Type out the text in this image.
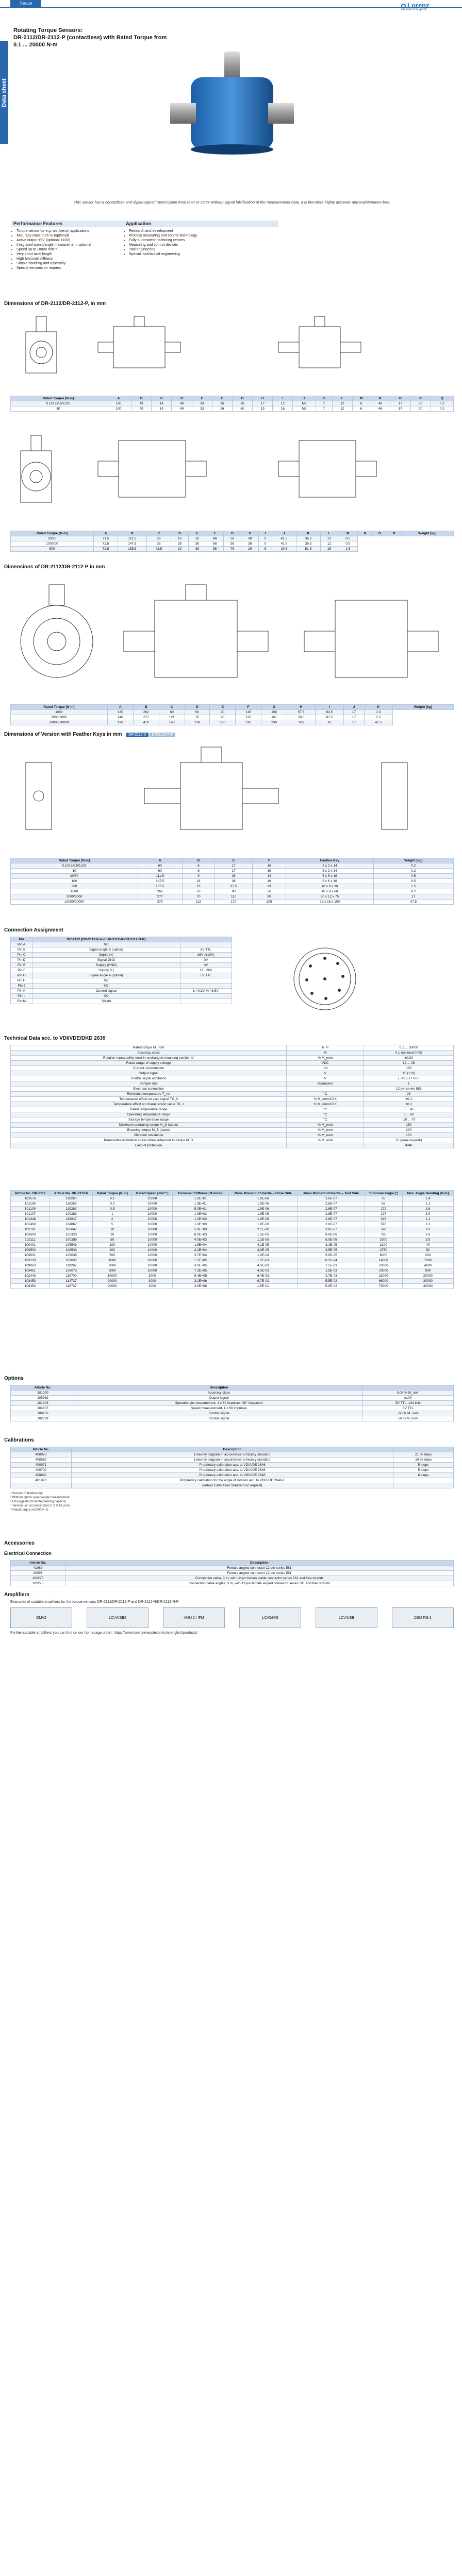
Torque	Lorenz
messtechnik gmbh
Data sheet
Rotating Torque Sensors:
DR-2112/DR-2112-P (contactless) with Rated Torque from
0.1 ... 20000 N·m
This sensor has a contactless and digital signal transmission from rotor to stator without signal falsification of the measurement data. It is therefore highly accurate and maintenance-free.
Performance Features
• Torque sensor for e.g. test bench applications
• Accuracy class 0.05 % (optional)
• Active output ±5V (optional ±10V)
• Integrated speed/angle measurement, optional
• Speed up to 10000 min⁻¹
• Very short axial length
• High torsional stiffness
• Simple handling and assembly
• Special versions on request
Application
• Research and development
• Process measuring and control technology
• Fully automated machining centres
• Measuring and control devices
• Tool engineering
• Special mechanical engineering
Dimensions of DR-2112/DR-2112-P, in mm
Rated Torque [N·m]	A	B	C	D	E	F	G	H	I	J	K	L	M	N	O	P	Q
0.1/0.2/0.5/1/2/5	100	49	14	49	33	26	60	17	12	M3	7	12	6	48	17	30	0.2
10	100	49	14	49	33	26	60	19	16	M3	7	12	6	48	17	30	0.2
Rated Torque [N·m]	A	B	C	D	E	F	G	H	I	J	K	L	M	N	O	P	Weight [kg]
20/50	71.5	111.5	30	16	16	48	58	38	0	41.5	36.5	12	0.5				
100/200	71.5	147.5	38	26	36	68	58	38	0	41.5	36.5	12	0.5				
500	72.5	155.5	43.5	32	38	56	76	29	6	29.5	51.5	15	1.5				
Dimensions of DR-2112/DR-2112-P in mm
Rated Torque [N·m]	A	B	C	D	E	F	G	H	I	J	K	Weight [kg]
1000	130	262	60	50	90	116	156	57.5	64.5	17	1.3	
2000/3000	140	277	121	70	95	136	161	58.5	87.5	17	5.5	
10000/20000	190	470	140	118	120	210	230	105	95	17	47.5	
Dimensions of Version with Feather Keys in mm DR-2112-K DR-2112-P-K
Rated Torque [N·m]	A	D	E	F	Feather Key	Weight [kg]
0.1/0.2/0.5/1/2/5	60	6	17	16	2 x 2 x 14	0.2
10	60	6	17	16	3 x 3 x 14	0.2
20/50	111.5	9	26	14	5 x 5 x 18	0.5
100	147.5	18	36	19	6 x 6 x 16	0.5
500	155.5	23	37.5	29	10 x 8 x 36	1.5
1000	262	50	90	56	10 x 8 x 60	8.2
2000/3000	277	70	110	90	20 x 12 x 75	17
10000/20000	370	118	170	105	28 x 16 x 100	47.5
Connection Assignment
Pin	DR-2112 (DR-2112-P and DR-2112-R-DR-2112-R-P)	
Pin A	NC	
Pin B	Signal angle B (option)	5V TTL
Pin C	Signal (+)	±5V (±10V)
Pin D	Signal GND	0V
Pin E	Supply (GND)	0V
Pin F	Supply (+)	12...28V
Pin G	Signal angle A (option)	5V TTL
Pin H	NC	
Pin J	NC	
Pin K	Control signal	L <0.3V, H >3.5V
Pin L	NC	
Pin M	Shield	
Technical Data acc. to VDI/VDE/DKD 2639
Rated torque M_nom	N·m	0.1 ... 20000
Accuracy class	%	0.1 (optional 0.05)
Relative repeatability error in unchanged mounting position b'	% M_nom	±0.02
Rated range of supply voltage	VDC	12 ... 28
Current consumption	mA	<80
Output signal	V	±5 (±10)
Control signal excitation	V	L <0.3, H >3.5
Sample rate	kSample/s	1
Electrical connection		12-pin series 581
Reference temperature T_ref	°C	23
Temperature effect on zero signal TK_0	% M_nom/10 K	±0.1
Temperature effect on characteristic value TK_c	% M_nom/10 K	±0.1
Rated temperature range	°C	5 ... 45
Operating temperature range	°C	0 ... 60
Storage temperature range	°C	-10 ... 70
Maximum operating torque M_G (static)	% M_nom	150
Breaking torque M_B (static)	% M_nom	200
Vibration resistance	% M_nom	100
Permissible oscillation stress when subjected to torque M_R	% M_nom	70 (peak-to-peak)
Load of protection		IP40
Article No. DR-2112	Article No. DR-2112-P	Rated Torque [N·m]	Rated Speed [min⁻¹]	Torsional Stiffness [N·m/rad]	Mass Moment of Inertia – Drive Side	Mass Moment of Inertia – Test Side	Torsional Angle [°]	Max. Angle Bending [N·m]
102576	110260	0.1	10000	1.0E+01	1.9E-06	2.6E-07	26	1.4
101106	110266	0.2	10000	1.9E+01	1.9E-06	2.6E-07	58	1.2
101109	110263	0.5	10000	5.0E+01	1.9E-06	2.6E-07	172	1.6
101107	109283	1	10000	1.0E+02	1.9E-06	2.6E-07	227	3.9
101048	110047	2	10000	1.0E+02	1.9E-06	2.6E-07	345	1.1
101460	104867	5	10000	1.0E+03	1.9E-06	2.6E-07	585	1.2
102701	106047	10	10000	5.0E+03	2.1E-06	3.0E-07	598	2.6
102600	105320	20	10000	8.0E+03	1.3E-05	9.0E-06	785	2.6
102111	100289	50	10000	4.0E+03	1.2E-05	9.0E-06	2000	3.5
100401	105543	100	10000	1.5E+04	4.1E-05	3.1E-05	2200	40
100500	108543	200	10000	2.2E+04	3.9E-05	3.5E-05	2750	52
103001	109035	500	10000	3.7E+04	1.0E-04	5.0E-05	6000	200
103733	109037	1000	10000	1.5E+05	1.2E-03	8.2E-04	14000	7000
109063	110262	2000	10000	3.0E+05	4.0E-03	1.5E-03	23000	4800
103451	108073	3000	10000	7.2E+05	4.0E-03	1.5E-03	20000	900
102443	110700	10000	3000	9.4E+05	6.4E-03	3.7E-03	32000	20000
103453	114737	20000	3000	3.1E+06	9.7E-02	5.5E-02	66000	30000
103454	110737	20000	3000	3.0E+06	1.5E-01	5.0E-02	70000	40000
Options
Article No.	Description	
101000	Accuracy class	0.05 % M_nom
100962	Output signal	±10V
101203	Speed/angle measurement, 1 x 60 impulses, 90° displaced	5V TTL, 134 kHz
104837	Speed measurement, 1 x 60 impulses	5V TTL
106156	Control signal	-50 % M_nom
102789	Control signal	50 % M_nom
Calibrations
Article No.	Description	
400070	Linearity diagram in accordance to factory standard	21 % steps
400062	Linearity diagram in accordance to factory standard	10 % steps
400071	Proprietary calibration acc. to VDI/VDE 2646	5 steps
400700	Proprietary calibration acc. to VDI/VDE 2646	5 steps
400690	Proprietary calibration acc. to VDI/VDE 2646	8 steps
401023	Proprietary calibration for the angle of rotation acc. to VDI/VDE 2648-1	
	(details Calibration Standard on request)	
¹ Version -P feather key
² Without option speed/angle measurement
³ Unsuggested from the bearing capacity
⁴ Version -W: accuracy class 0.2 % M_nom
⁵ Rated torque ≥10000 N·m
Accessories
Electrical Connection
Article No.	Description
41060	Female angled connector 12-pin series 581
40096	Female angled connector 12-pin series 581
102275	Connection cable, 3 m, with 12-pin female cable connector series 581 and free strands
102276	Connection cable angles, 3 m, with 12-pin female angled connector series 581 and free strands
Amplifiers
Examples of suitable amplifiers for the torque sensors DR-2112/DR-2112-P and DR-2112-R/DR-2112-R-P
GMV2	LCV/USB2	VNM 2 / IFM	LCV5/N/S	LCV/USB	DSM RS-1
Further suitable amplifiers you can find on our homepage under: https://www.lorenz-messtechnik.de/english/products/
